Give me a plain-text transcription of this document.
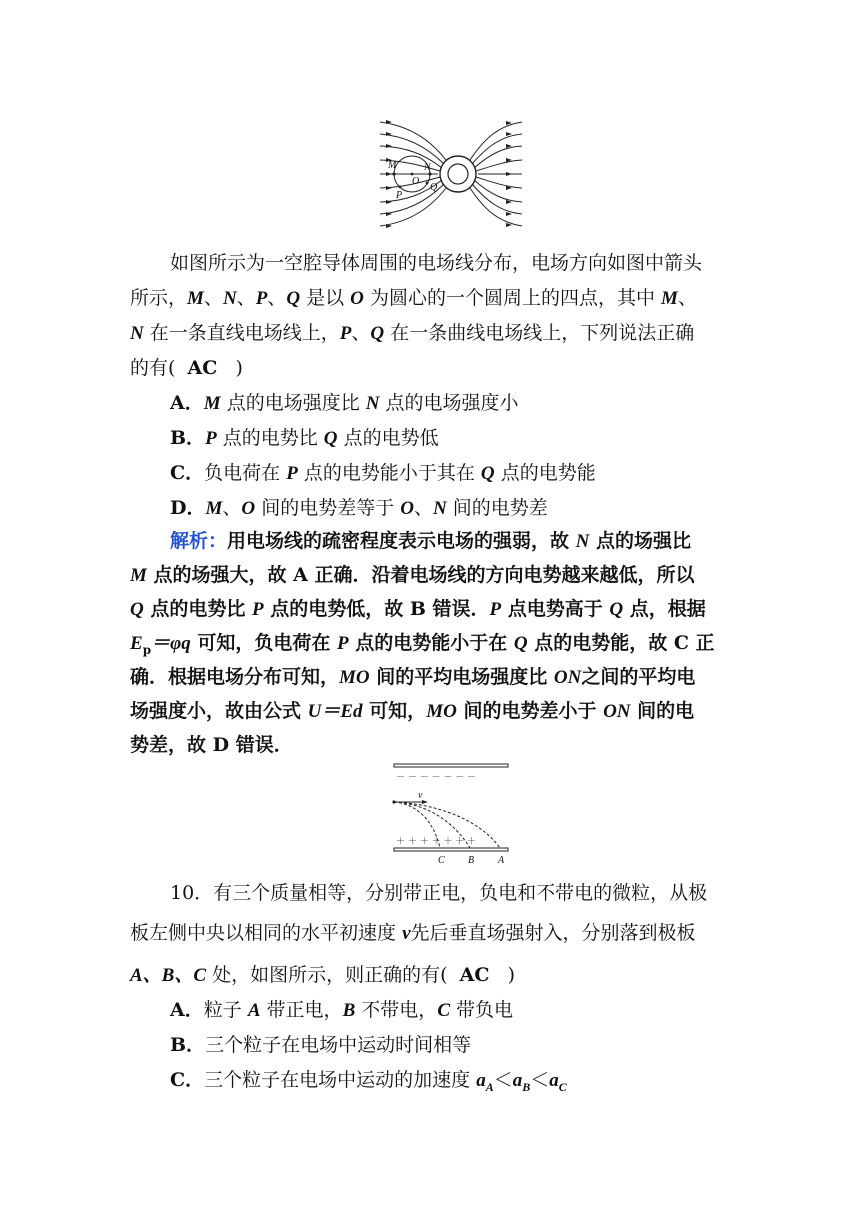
M	N
O
P
Q
如图所示为一空腔导体周围的电场线分布，电场方向如图中箭头
所示，M、N、P、Q 是以 O 为圆心的一个圆周上的四点，其中 M、
N 在一条直线电场线上，P、Q 在一条曲线电场线上，下列说法正确
的有( AC )
A．M 点的电场强度比 N 点的电场强度小
B．P 点的电势比 Q 点的电势低
C．负电荷在 P 点的电势能小于其在 Q 点的电势能
D．M、O 间的电势差等于 O、N 间的电势差
解析：用电场线的疏密程度表示电场的强弱，故 N 点的场强比
M 点的场强大，故 A 正确．沿着电场线的方向电势越来越低，所以
Q 点的电势比 P 点的电势低，故 B 错误．P 点电势高于 Q 点，根据
$E_p=\varphi q$ 可知，负电荷在 P 点的电势能小于在 Q 点的电势能，故 C 正
确．根据电场分布可知，MO 间的平均电场强度比 ON之间的平均电
场强度小，故由公式 U＝Ed 可知，MO 间的电势差小于 ON 间的电
势差，故 D 错误．
v
－ － － － － － －
＋ ＋ ＋ ＋ ＋ ＋ ＋
C B A
10．有三个质量相等，分别带正电，负电和不带电的微粒，从极
板左侧中央以相同的水平初速度 v先后垂直场强射入，分别落到极板
A、B、C 处，如图所示，则正确的有( AC )
A．粒子 A 带正电，B 不带电，C 带负电
B．三个粒子在电场中运动时间相等
C．三个粒子在电场中运动的加速度 $a_A<a_B<a_C$
